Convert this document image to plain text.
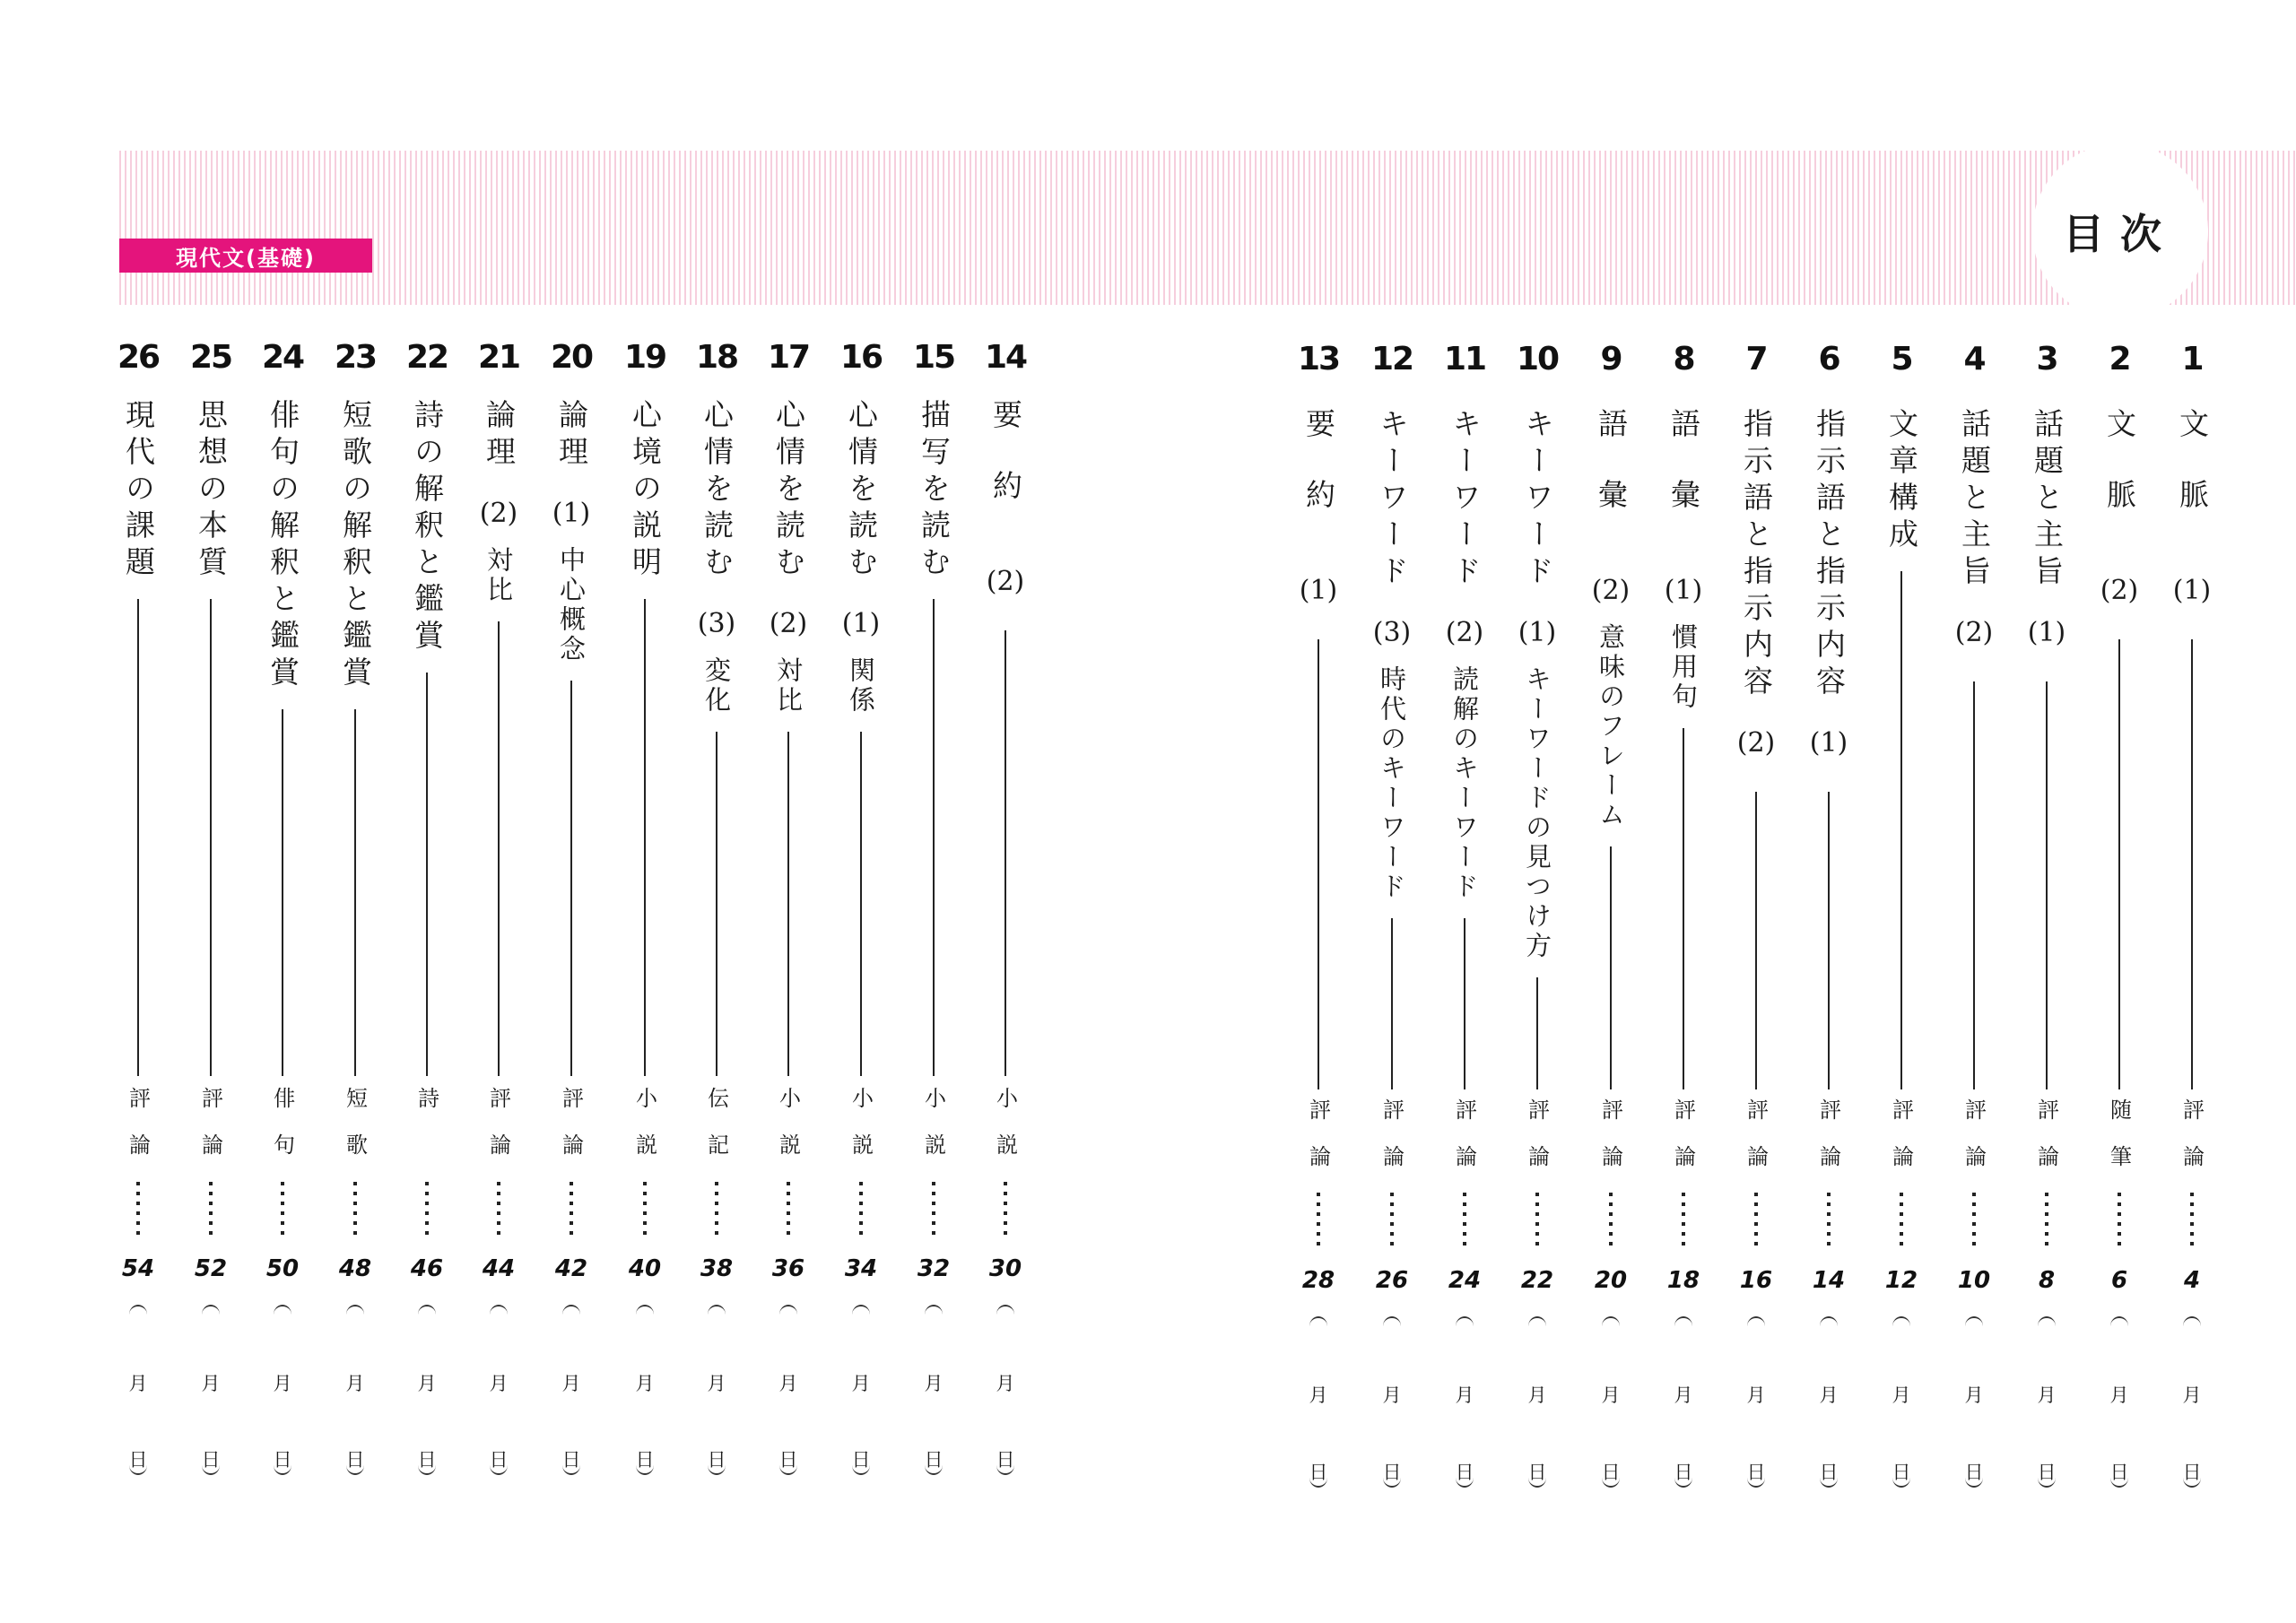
現代文(基礎)	目次
1
文脈
(1)
評論
4
月
日
2
文脈
(2)
随筆
6
月
日
3
話題と主旨
(1)
評論
8
月
日
4
話題と主旨
(2)
評論
10
月
日
5
文章構成
評論
12
月
日
6
指示語と指示内容
(1)
評論
14
月
日
7
指示語と指示内容
(2)
評論
16
月
日
8
語彙
(1)
慣用句
評論
18
月
日
9
語彙
(2)
意味のフレーム
評論
20
月
日
10
キーワード
(1)
キーワードの見つけ方
評論
22
月
日
11
キーワード
(2)
読解のキーワード
評論
24
月
日
12
キーワード
(3)
時代のキーワード
評論
26
月
日
13
要約
(1)
評論
28
月
日
14
要約
(2)
小説
30
月
日
15
描写を読む
小説
32
月
日
16
心情を読む
(1)
関係
小説
34
月
日
17
心情を読む
(2)
対比
小説
36
月
日
18
心情を読む
(3)
変化
伝記
38
月
日
19
心境の説明
小説
40
月
日
20
論理
(1)
中心概念
評論
42
月
日
21
論理
(2)
対比
評論
44
月
日
22
詩の解釈と鑑賞
詩
46
月
日
23
短歌の解釈と鑑賞
短歌
48
月
日
24
俳句の解釈と鑑賞
俳句
50
月
日
25
思想の本質
評論
52
月
日
26
現代の課題
評論
54
月
日
